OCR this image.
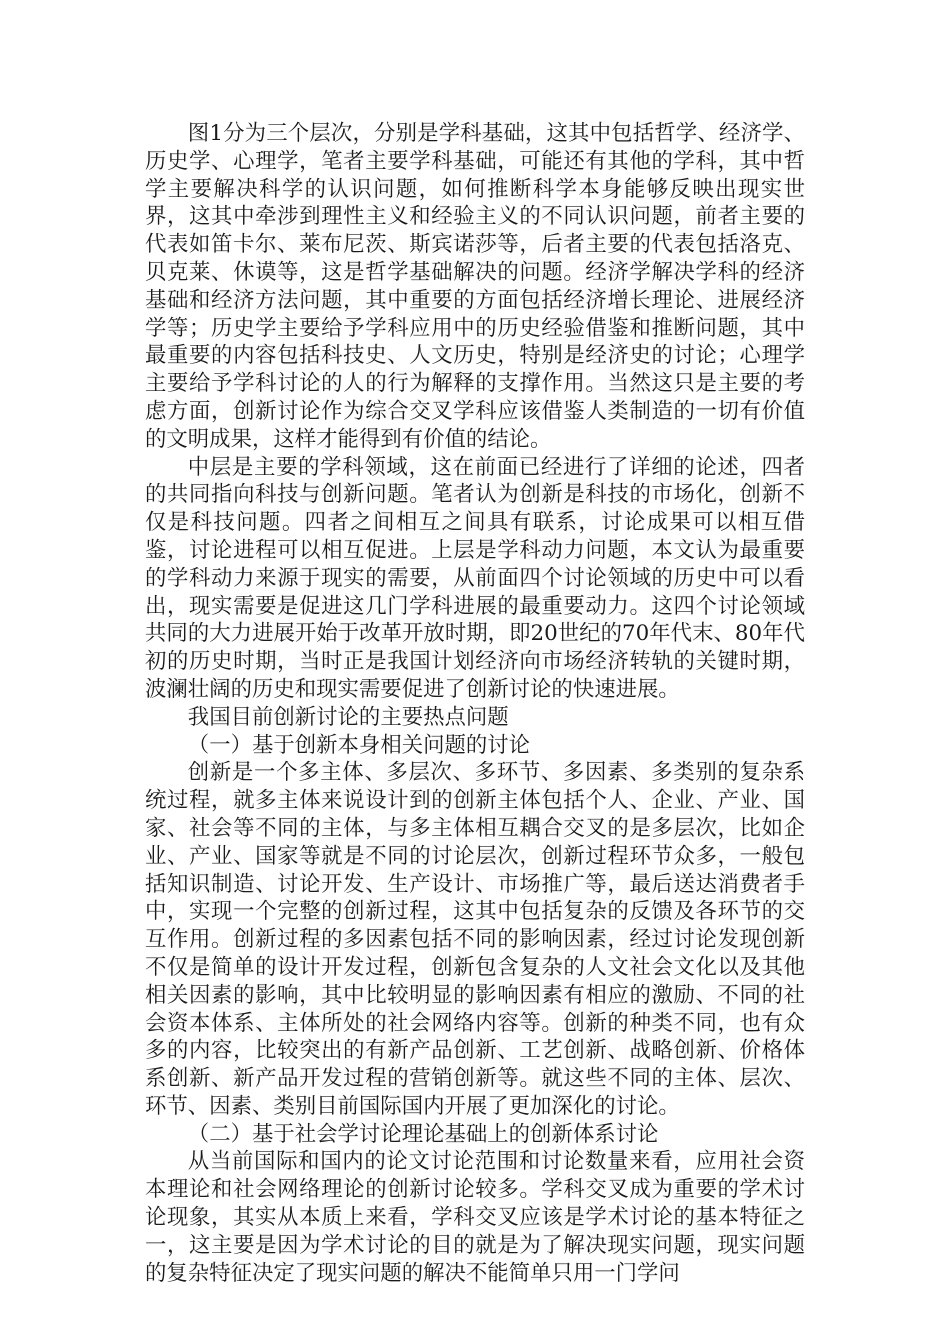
图1分为三个层次，分别是学科基础，这其中包括哲学、经济学、历史学、心理学，笔者主要学科基础，可能还有其他的学科，其中哲学主要解决科学的认识问题，如何推断科学本身能够反映出现实世界，这其中牵涉到理性主义和经验主义的不同认识问题，前者主要的代表如笛卡尔、莱布尼茨、斯宾诺莎等，后者主要的代表包括洛克、贝克莱、休谟等，这是哲学基础解决的问题。经济学解决学科的经济基础和经济方法问题，其中重要的方面包括经济增长理论、进展经济学等；历史学主要给予学科应用中的历史经验借鉴和推断问题，其中最重要的内容包括科技史、人文历史，特别是经济史的讨论；心理学主要给予学科讨论的人的行为解释的支撑作用。当然这只是主要的考虑方面，创新讨论作为综合交叉学科应该借鉴人类制造的一切有价值的文明成果，这样才能得到有价值的结论。

中层是主要的学科领域，这在前面已经进行了详细的论述，四者的共同指向科技与创新问题。笔者认为创新是科技的市场化，创新不仅是科技问题。四者之间相互之间具有联系，讨论成果可以相互借鉴，讨论进程可以相互促进。上层是学科动力问题，本文认为最重要的学科动力来源于现实的需要，从前面四个讨论领域的历史中可以看出，现实需要是促进这几门学科进展的最重要动力。这四个讨论领域共同的大力进展开始于改革开放时期，即20世纪的70年代末、80年代初的历史时期，当时正是我国计划经济向市场经济转轨的关键时期，波澜壮阔的历史和现实需要促进了创新讨论的快速进展。

我国目前创新讨论的主要热点问题

（一）基于创新本身相关问题的讨论

创新是一个多主体、多层次、多环节、多因素、多类别的复杂系统过程，就多主体来说设计到的创新主体包括个人、企业、产业、国家、社会等不同的主体，与多主体相互耦合交叉的是多层次，比如企业、产业、国家等就是不同的讨论层次，创新过程环节众多，一般包括知识制造、讨论开发、生产设计、市场推广等，最后送达消费者手中，实现一个完整的创新过程，这其中包括复杂的反馈及各环节的交互作用。创新过程的多因素包括不同的影响因素，经过讨论发现创新不仅是简单的设计开发过程，创新包含复杂的人文社会文化以及其他相关因素的影响，其中比较明显的影响因素有相应的激励、不同的社会资本体系、主体所处的社会网络内容等。创新的种类不同，也有众多的内容，比较突出的有新产品创新、工艺创新、战略创新、价格体系创新、新产品开发过程的营销创新等。就这些不同的主体、层次、环节、因素、类别目前国际国内开展了更加深化的讨论。

（二）基于社会学讨论理论基础上的创新体系讨论

从当前国际和国内的论文讨论范围和讨论数量来看，应用社会资本理论和社会网络理论的创新讨论较多。学科交叉成为重要的学术讨论现象，其实从本质上来看，学科交叉应该是学术讨论的基本特征之一，这主要是因为学术讨论的目的就是为了解决现实问题，现实问题的复杂特征决定了现实问题的解决不能简单只用一门学问
